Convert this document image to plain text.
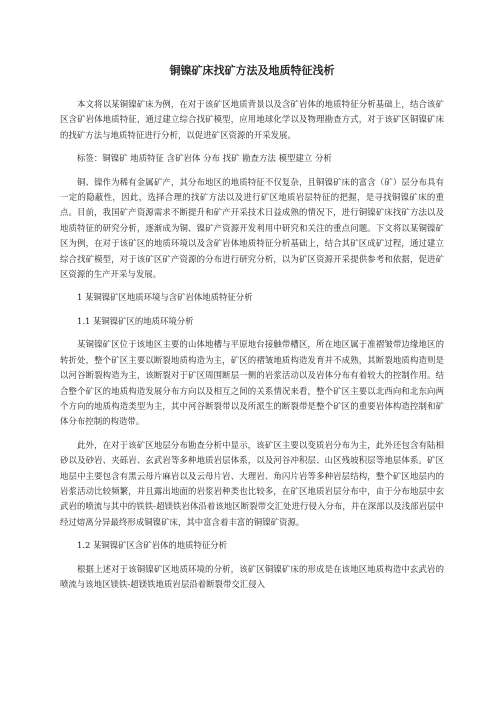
铜镍矿床找矿方法及地质特征浅析

本文将以某铜镍矿床为例，在对于该矿区地质背景以及含矿岩体的地质特征分析基础上，结合该矿区含矿岩体地质特征，通过建立综合找矿模型，应用地球化学以及物理勘查方式，对于该矿区铜镍矿床的找矿方法与地质特征进行分析，以促进矿区资源的开采发展。

标签：铜镍矿 地质特征 含矿岩体 分布 找矿 勘查方法 模型建立 分析

铜、镍作为稀有金属矿产，其分布地区的地质特征不仅复杂，且铜镍矿床的富含（矿）层分布具有一定的隐蔽性，因此，选择合理的找矿方法以及进行矿区地质岩层特征的把握，是寻找铜镍矿床的重点。目前，我国矿产资源需求不断提升和矿产开采技术日益成熟的情况下，进行铜镍矿床找矿方法以及地质特征的研究分析，逐渐成为铜、镍矿产资源开发利用中研究和关注的重点问题。下文将以某铜镍矿区为例，在对于该矿区的地质环境以及含矿岩体地质特征分析基础上，结合其矿区成矿过程，通过建立综合找矿模型，对于该矿区矿产资源的分布进行研究分析，以为矿区资源开采提供参考和依据，促进矿区资源的生产开采与发展。

1 某铜镍矿区地质环境与含矿岩体地质特征分析

1.1 某铜镍矿区的地质环境分析

某铜镍矿区位于该地区主要的山体地槽与平原地台接触带槽区，所在地区属于准褶皱带边缘地区的转折处，整个矿区主要以断裂地质构造为主，矿区的褶皱地质构造发育并不成熟，其断裂地质构造则是以河谷断裂构造为主，该断裂对于矿区周围断层一侧的岩浆活动以及岩体分布有着较大的控制作用。结合整个矿区的地质构造发展分布方向以及相互之间的关系情况来看，整个矿区主要以北西向和北东向两个方向的地质构造类型为主，其中河谷断裂带以及所派生的断裂带是整个矿区的重要岩体构造控制和矿体分布控制的构造带。

此外，在对于该矿区地层分布勘查分析中显示，该矿区主要以变质岩分布为主，此外还包含有陆相砂以及砂岩、夹砾岩、玄武岩等多种地质岩层体系，以及河谷冲积层、山区残坡积层等地层体系。矿区地层中主要包含有黑云母片麻岩以及云母片岩、大理岩、角闪片岩等多种岩层结构，整个矿区地层内的岩浆活动比较频繁，并且露出地面的岩浆岩种类也比较多，在矿区地质岩层分布中，由于分布地层中玄武岩的喷流与其中的铁铁-超镁铁岩体沿着该地区断裂带交汇处进行侵入分布，并在深部以及浅部岩层中经过熔离分异最终形成铜镍矿床，其中富含着丰富的铜镍矿资源。

1.2 某铜镍矿区含矿岩体的地质特征分析

根据上述对于该铜镍矿区地质环境的分析，该矿区铜镍矿床的形成是在该地区地质构造中玄武岩的喷流与该地区镁铁-超镁铁地质岩层沿着断裂带交汇侵入
